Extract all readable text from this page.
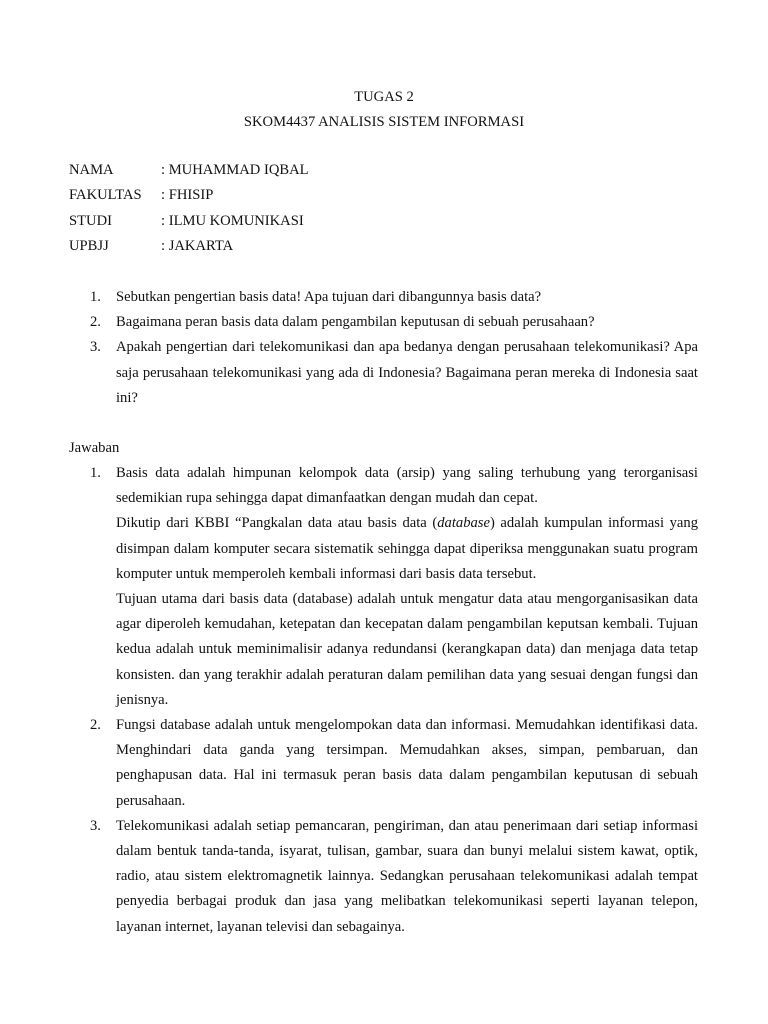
TUGAS 2
SKOM4437 ANALISIS SISTEM INFORMASI
NAMA	: MUHAMMAD IQBAL
FAKULTAS	: FHISIP
STUDI	: ILMU KOMUNIKASI
UPBJJ	: JAKARTA
1.	Sebutkan pengertian basis data! Apa tujuan dari dibangunnya basis data?

2.	Bagaimana peran basis data dalam pengambilan keputusan di sebuah perusahaan?

3.	Apakah pengertian dari telekomunikasi dan apa bedanya dengan perusahaan telekomunikasi? Apa saja perusahaan telekomunikasi yang ada di Indonesia? Bagaimana peran mereka di Indonesia saat ini?

Jawaban
1.	Basis data adalah himpunan kelompok data (arsip) yang saling terhubung yang terorganisasi sedemikian rupa sehingga dapat dimanfaatkan dengan mudah dan cepat.

Dikutip dari KBBI “Pangkalan data atau basis data (database) adalah kumpulan informasi yang disimpan dalam komputer secara sistematik sehingga dapat diperiksa menggunakan suatu program komputer untuk memperoleh kembali informasi dari basis data tersebut.

Tujuan utama dari basis data (database) adalah untuk mengatur data atau mengorganisasikan data agar diperoleh kemudahan, ketepatan dan kecepatan dalam pengambilan keputsan kembali. Tujuan kedua adalah untuk meminimalisir adanya redundansi (kerangkapan data) dan menjaga data tetap konsisten. dan yang terakhir adalah peraturan dalam pemilihan data yang sesuai dengan fungsi dan jenisnya.

2.	Fungsi database adalah untuk mengelompokan data dan informasi. Memudahkan identifikasi data. Menghindari data ganda yang tersimpan. Memudahkan akses, simpan, pembaruan, dan penghapusan data. Hal ini termasuk peran basis data dalam pengambilan keputusan di sebuah perusahaan.

3.	Telekomunikasi adalah setiap pemancaran, pengiriman, dan atau penerimaan dari setiap informasi dalam bentuk tanda-tanda, isyarat, tulisan, gambar, suara dan bunyi melalui sistem kawat, optik, radio, atau sistem elektromagnetik lainnya. Sedangkan perusahaan telekomunikasi adalah tempat penyedia berbagai produk dan jasa yang melibatkan telekomunikasi seperti layanan telepon, layanan internet, layanan televisi dan sebagainya.
